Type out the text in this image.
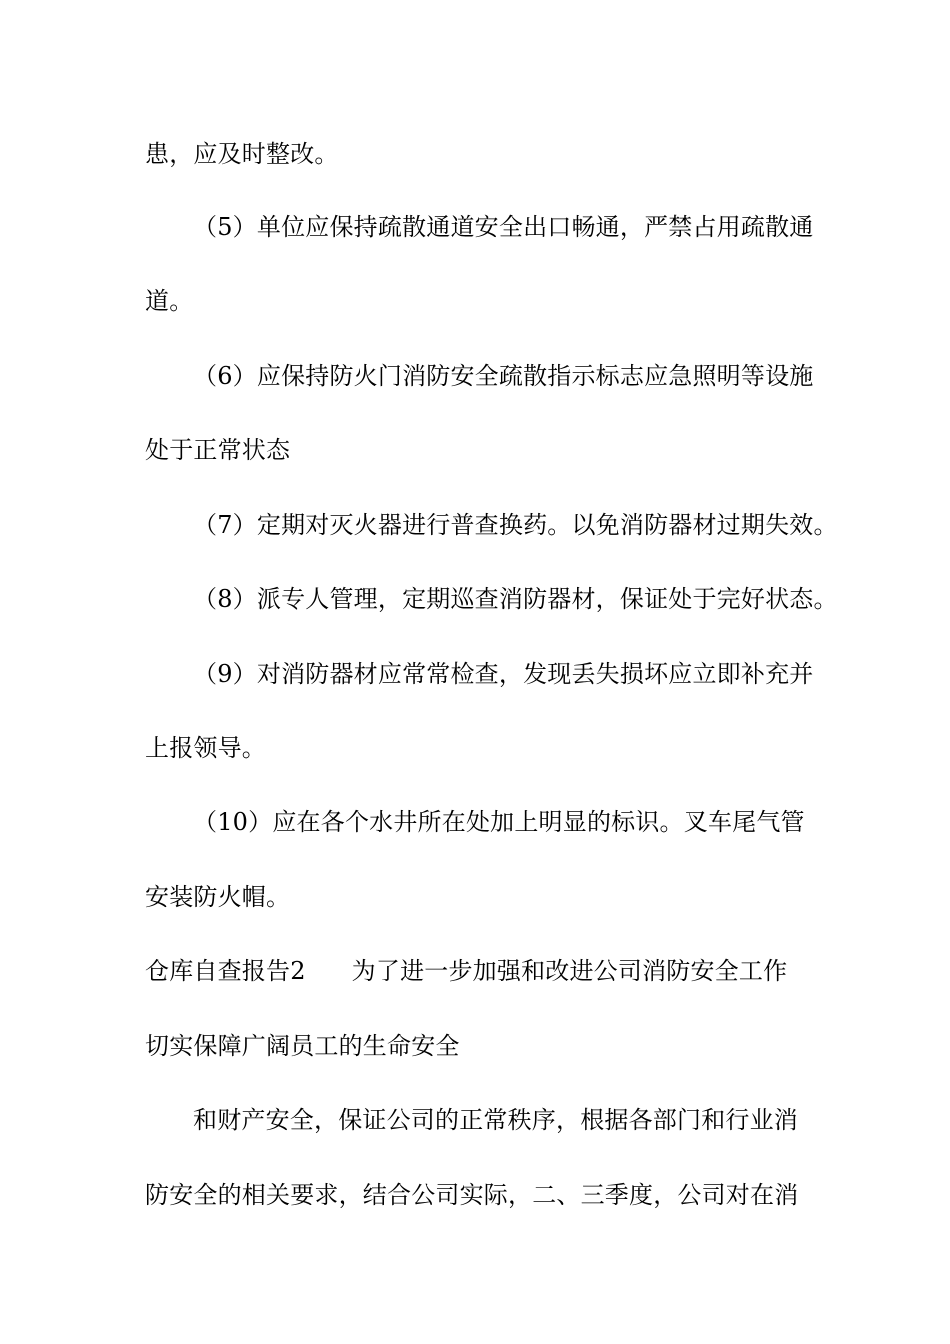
患，应及时整改。
（5）单位应保持疏散通道安全出口畅通，严禁占用疏散通
道。
（6）应保持防火门消防安全疏散指示标志应急照明等设施
处于正常状态
（7）定期对灭火器进行普查换药。以免消防器材过期失效。
（8）派专人管理，定期巡查消防器材，保证处于完好状态。
（9）对消防器材应常常检查，发现丢失损坏应立即补充并
上报领导。
（10）应在各个水井所在处加上明显的标识。叉车尾气管
安装防火帽。
仓库自查报告2 为了进一步加强和改进公司消防安全工作
切实保障广阔员工的生命安全
和财产安全，保证公司的正常秩序，根据各部门和行业消
防安全的相关要求，结合公司实际，二、三季度，公司对在消
